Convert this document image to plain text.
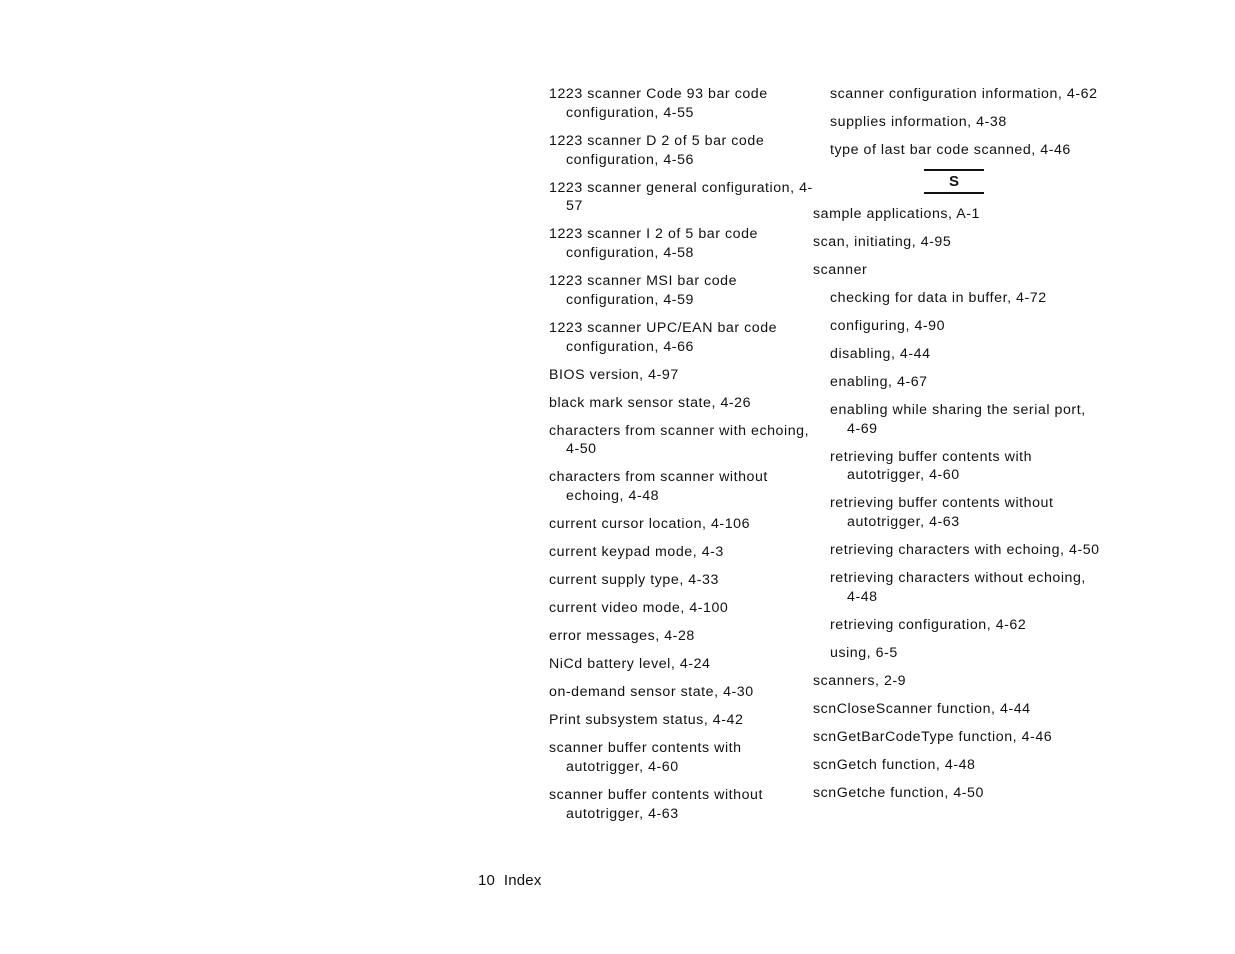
1223 scanner Code 93 bar code configuration, 4-55
1223 scanner D 2 of 5 bar code configuration, 4-56
1223 scanner general configuration, 4-57
1223 scanner I 2 of 5 bar code configuration, 4-58
1223 scanner MSI bar code configuration, 4-59
1223 scanner UPC/EAN bar code configuration, 4-66
BIOS version, 4-97
black mark sensor state, 4-26
characters from scanner with echoing, 4-50
characters from scanner without echoing, 4-48
current cursor location, 4-106
current keypad mode, 4-3
current supply type, 4-33
current video mode, 4-100
error messages, 4-28
NiCd battery level, 4-24
on-demand sensor state, 4-30
Print subsystem status, 4-42
scanner buffer contents with autotrigger, 4-60
scanner buffer contents without autotrigger, 4-63
scanner configuration information, 4-62
supplies information, 4-38
type of last bar code scanned, 4-46
S
sample applications, A-1
scan, initiating, 4-95
scanner
checking for data in buffer, 4-72
configuring, 4-90
disabling, 4-44
enabling, 4-67
enabling while sharing the serial port, 4-69
retrieving buffer contents with autotrigger, 4-60
retrieving buffer contents without autotrigger, 4-63
retrieving characters with echoing, 4-50
retrieving characters without echoing, 4-48
retrieving configuration, 4-62
using, 6-5
scanners, 2-9
scnCloseScanner function, 4-44
scnGetBarCodeType function, 4-46
scnGetch function, 4-48
scnGetche function, 4-50
10 Index
